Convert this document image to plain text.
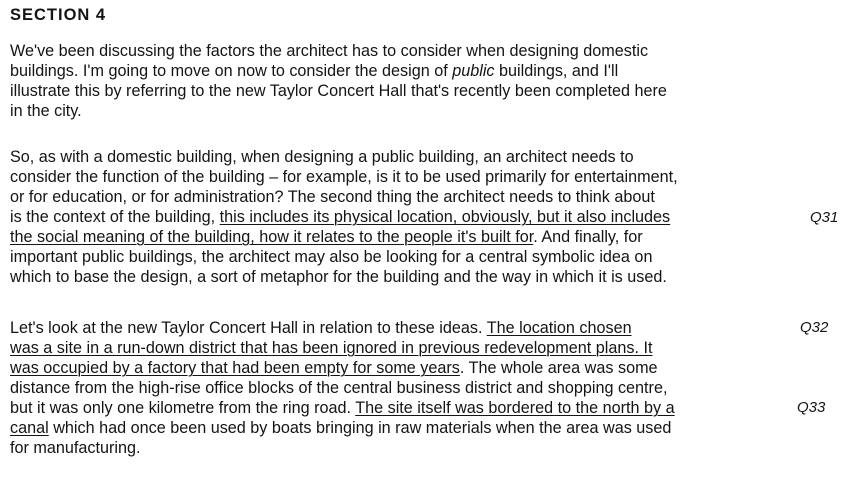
SECTION 4
We've been discussing the factors the architect has to consider when designing domestic
buildings. I'm going to move on now to consider the design of public buildings, and I'll
illustrate this by referring to the new Taylor Concert Hall that's recently been completed here
in the city.
So, as with a domestic building, when designing a public building, an architect needs to
consider the function of the building – for example, is it to be used primarily for entertainment,
or for education, or for administration? The second thing the architect needs to think about
is the context of the building, this includes its physical location, obviously, but it also includes
the social meaning of the building, how it relates to the people it's built for. And finally, for
important public buildings, the architect may also be looking for a central symbolic idea on
which to base the design, a sort of metaphor for the building and the way in which it is used.
Q31
Let's look at the new Taylor Concert Hall in relation to these ideas. The location chosen
was a site in a run-down district that has been ignored in previous redevelopment plans. It
was occupied by a factory that had been empty for some years. The whole area was some
distance from the high-rise office blocks of the central business district and shopping centre,
but it was only one kilometre from the ring road. The site itself was bordered to the north by a
canal which had once been used by boats bringing in raw materials when the area was used
for manufacturing.
Q32
Q33
